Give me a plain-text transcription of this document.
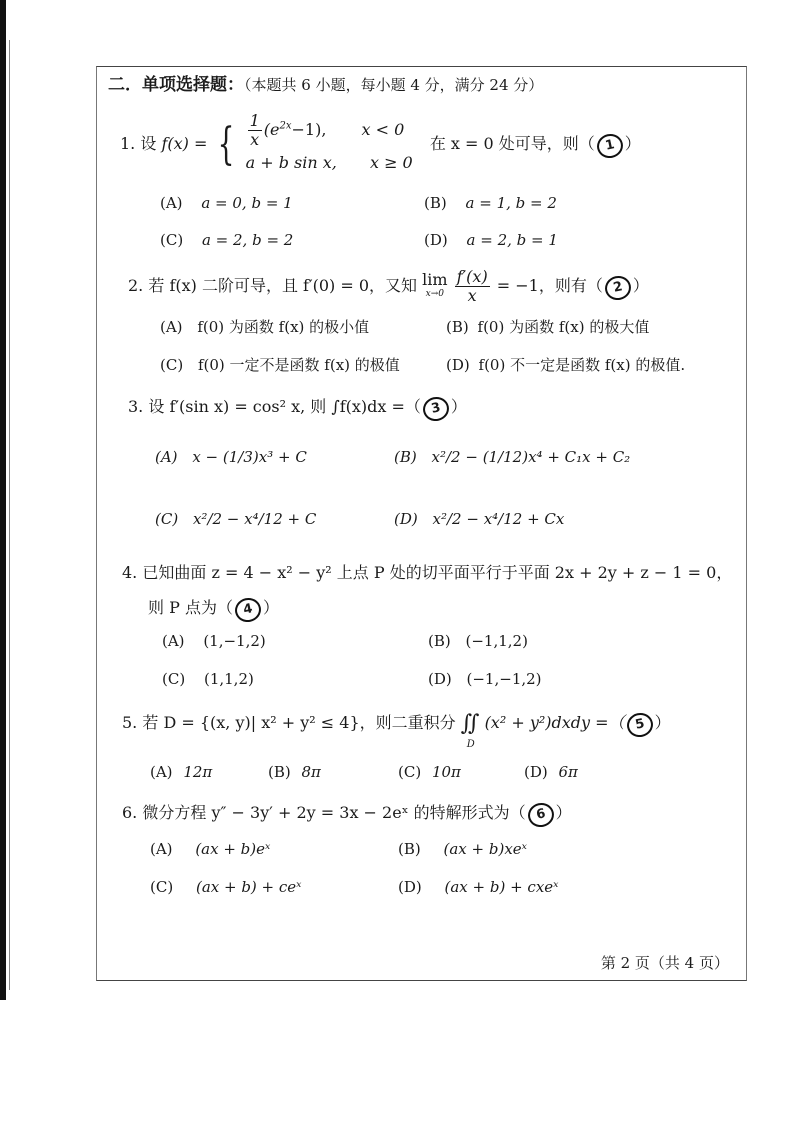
二．单项选择题：（本题共 6 小题，每小题 4 分，满分 24 分）
1. 设 f(x) = { $\frac{1}{x} (e^{2x}-1)$, x < 0
a + b sin x, x ≥ 0
在 x = 0 处可导，则（ 1 ）
(A) a = 0, b = 1	(B) a = 1, b = 2
(C) a = 2, b = 2	(D) a = 2, b = 1
2. 若 f(x) 二阶可导，且 f′(0) = 0，又知 lim
x→0
$\frac{f'(x)}{x} = -1$，则有（ 2 ）
(A) f(0) 为函数 f(x) 的极小值	(B) f(0) 为函数 f(x) 的极大值
(C) f(0) 一定不是函数 f(x) 的极值	(D) f(0) 不一定是函数 f(x) 的极值.
3. 设 f′(sin x) = cos² x, 则 ∫f(x)dx =（ 3 ）
(A) x − (1/3)x³ + C	(B) x²/2 − (1/12)x⁴ + C₁x + C₂
(C) x²/2 − x⁴/12 + C	(D) x²/2 − x⁴/12 + Cx
4. 已知曲面 z = 4 − x² − y² 上点 P 处的切平面平行于平面 2x + 2y + z − 1 = 0，
则 P 点为（ 4 ）
(A) (1,−1,2)	(B) (−1,1,2)
(C) (1,1,2)	(D) (−1,−1,2)
5. 若 D = {(x, y)| x² + y² ≤ 4}，则二重积分 ∬
D
(x² + y²)dxdy =（ 5 ）
(A) 12π	(B) 8π	(C) 10π	(D) 6π
6. 微分方程 y″ − 3y′ + 2y = 3x − 2eˣ 的特解形式为（ 6 ）
(A) (ax + b)eˣ	(B) (ax + b)xeˣ
(C) (ax + b) + ceˣ	(D) (ax + b) + cxeˣ
第 2 页（共 4 页）
